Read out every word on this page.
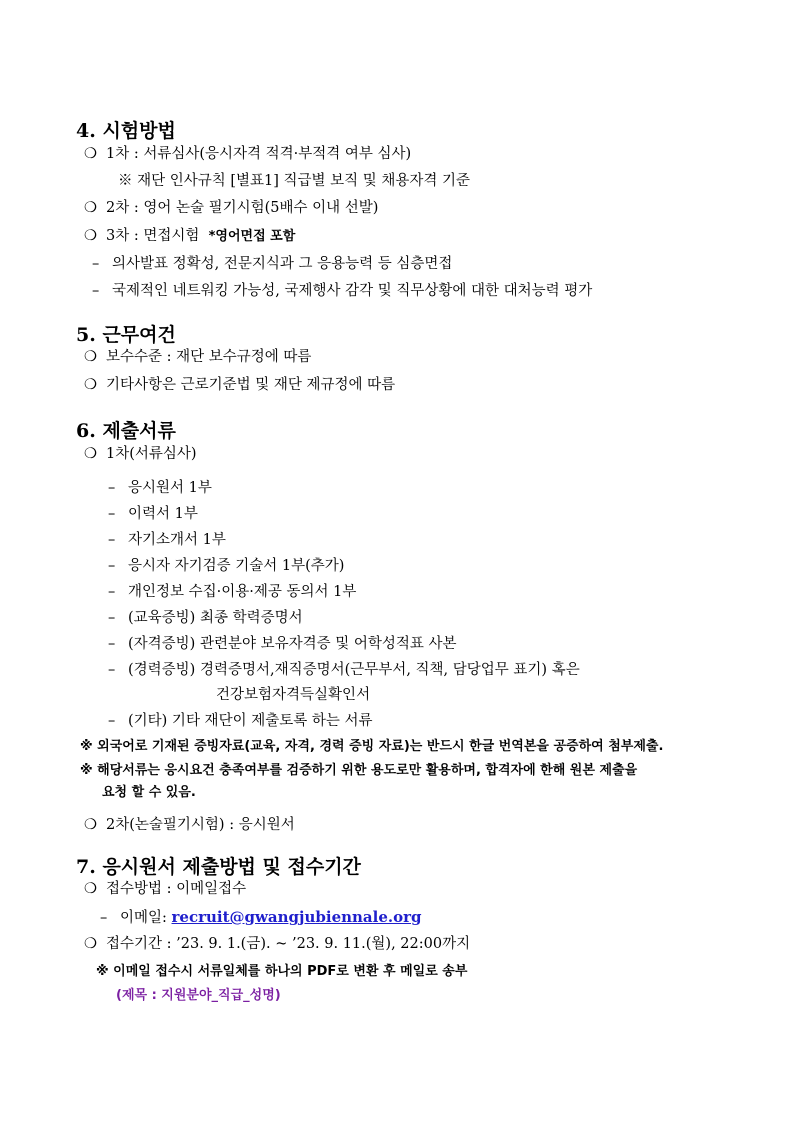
4. 시험방법
❍ 1차 : 서류심사(응시자격 적격·부적격 여부 심사)
※ 재단 인사규칙 [별표1] 직급별 보직 및 채용자격 기준
❍ 2차 : 영어 논술 필기시험(5배수 이내 선발)
❍ 3차 : 면접시험 *영어면접 포함
– 의사발표 정확성, 전문지식과 그 응용능력 등 심층면접
– 국제적인 네트워킹 가능성, 국제행사 감각 및 직무상황에 대한 대처능력 평가
5. 근무여건
❍ 보수수준 : 재단 보수규정에 따름
❍ 기타사항은 근로기준법 및 재단 제규정에 따름
6. 제출서류
❍ 1차(서류심사)
– 응시원서 1부
– 이력서 1부
– 자기소개서 1부
– 응시자 자기검증 기술서 1부(추가)
– 개인정보 수집·이용·제공 동의서 1부
– (교육증빙) 최종 학력증명서
– (자격증빙) 관련분야 보유자격증 및 어학성적표 사본
– (경력증빙) 경력증명서,재직증명서(근무부서, 직책, 담당업무 표기) 혹은
건강보험자격득실확인서
– (기타) 기타 재단이 제출토록 하는 서류
※ 외국어로 기재된 증빙자료(교육, 자격, 경력 증빙 자료)는 반드시 한글 번역본을 공증하여 첨부제출.
※ 해당서류는 응시요건 충족여부를 검증하기 위한 용도로만 활용하며, 합격자에 한해 원본 제출을
요청 할 수 있음.
❍ 2차(논술필기시험) : 응시원서
7. 응시원서 제출방법 및 접수기간
❍ 접수방법 : 이메일접수
– 이메일: recruit@gwangjubiennale.org
❍ 접수기간 : ’23. 9. 1.(금). ~ ’23. 9. 11.(월), 22:00까지
※ 이메일 접수시 서류일체를 하나의 PDF로 변환 후 메일로 송부
(제목 : 지원분야_직급_성명)
